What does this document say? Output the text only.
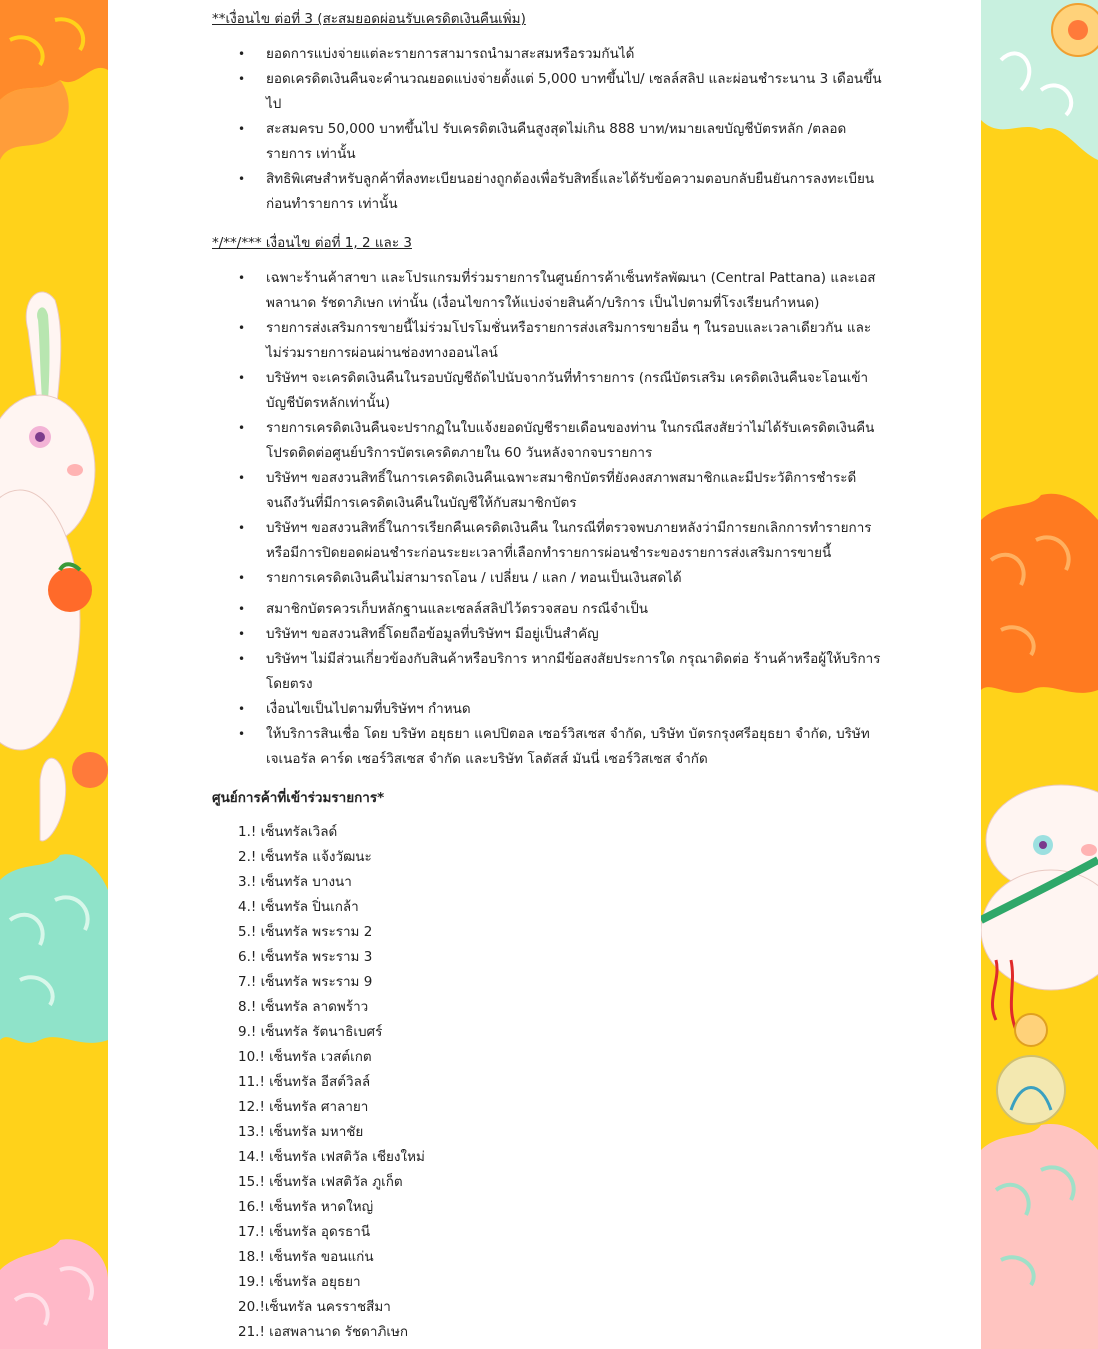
**เงื่อนไข ต่อที่ 3 (สะสมยอดผ่อนรับเครดิตเงินคืนเพิ่ม)
• ยอดการแบ่งจ่ายแต่ละรายการสามารถนำมาสะสมหรือรวมกันได้
• ยอดเครดิตเงินคืนจะคำนวณยอดแบ่งจ่ายตั้งแต่ 5,000 บาทขึ้นไป/ เซลล์สลิป และผ่อนชำระนาน 3 เดือนขึ้นไป
• สะสมครบ 50,000 บาทขึ้นไป รับเครดิตเงินคืนสูงสุดไม่เกิน 888 บาท/หมายเลขบัญชีบัตรหลัก /ตลอดรายการ เท่านั้น
• สิทธิพิเศษสำหรับลูกค้าที่ลงทะเบียนอย่างถูกต้องเพื่อรับสิทธิ์และได้รับข้อความตอบกลับยืนยันการลงทะเบียนก่อนทำรายการ เท่านั้น
*/**/*** เงื่อนไข ต่อที่ 1, 2 และ 3
• เฉพาะร้านค้าสาขา และโปรแกรมที่ร่วมรายการในศูนย์การค้าเซ็นทรัลพัฒนา (Central Pattana) และเอสพลานาด รัชดาภิเษก เท่านั้น (เงื่อนไขการให้แบ่งจ่ายสินค้า/บริการ เป็นไปตามที่โรงเรียนกำหนด)
• รายการส่งเสริมการขายนี้ไม่ร่วมโปรโมชั่นหรือรายการส่งเสริมการขายอื่น ๆ ในรอบและเวลาเดียวกัน และไม่ร่วมรายการผ่อนผ่านช่องทางออนไลน์
• บริษัทฯ จะเครดิตเงินคืนในรอบบัญชีถัดไปนับจากวันที่ทำรายการ (กรณีบัตรเสริม เครดิตเงินคืนจะโอนเข้าบัญชีบัตรหลักเท่านั้น)
• รายการเครดิตเงินคืนจะปรากฏในใบแจ้งยอดบัญชีรายเดือนของท่าน ในกรณีสงสัยว่าไม่ได้รับเครดิตเงินคืน โปรดติดต่อศูนย์บริการบัตรเครดิตภายใน 60 วันหลังจากจบรายการ
• บริษัทฯ ขอสงวนสิทธิ์ในการเครดิตเงินคืนเฉพาะสมาชิกบัตรที่ยังคงสภาพสมาชิกและมีประวัติการชำระดีจนถึงวันที่มีการเครดิตเงินคืนในบัญชีให้กับสมาชิกบัตร
• บริษัทฯ ขอสงวนสิทธิ์ในการเรียกคืนเครดิตเงินคืน ในกรณีที่ตรวจพบภายหลังว่ามีการยกเลิกการทำรายการหรือมีการปิดยอดผ่อนชำระก่อนระยะเวลาที่เลือกทำรายการผ่อนชำระของรายการส่งเสริมการขายนี้
• รายการเครดิตเงินคืนไม่สามารถโอน / เปลี่ยน / แลก / ทอนเป็นเงินสดได้
• สมาชิกบัตรควรเก็บหลักฐานและเซลล์สลิปไว้ตรวจสอบ กรณีจำเป็น
• บริษัทฯ ขอสงวนสิทธิ์โดยถือข้อมูลที่บริษัทฯ มีอยู่เป็นสำคัญ
• บริษัทฯ ไม่มีส่วนเกี่ยวข้องกับสินค้าหรือบริการ หากมีข้อสงสัยประการใด กรุณาติดต่อ ร้านค้าหรือผู้ให้บริการโดยตรง
• เงื่อนไขเป็นไปตามที่บริษัทฯ กำหนด
• ให้บริการสินเชื่อ โดย บริษัท อยุธยา แคปปิตอล เซอร์วิสเซส จำกัด, บริษัท บัตรกรุงศรีอยุธยา จำกัด, บริษัท เจเนอรัล คาร์ด เซอร์วิสเซส จำกัด และบริษัท โลตัสส์ มันนี่ เซอร์วิสเซส จำกัด
ศูนย์การค้าที่เข้าร่วมรายการ*
1.! เซ็นทรัลเวิลด์
2.! เซ็นทรัล แจ้งวัฒนะ
3.! เซ็นทรัล บางนา
4.! เซ็นทรัล ปิ่นเกล้า
5.! เซ็นทรัล พระราม 2
6.! เซ็นทรัล พระราม 3
7.! เซ็นทรัล พระราม 9
8.! เซ็นทรัล ลาดพร้าว
9.! เซ็นทรัล รัตนาธิเบศร์
10.! เซ็นทรัล เวสต์เกต
11.! เซ็นทรัล อีสต์วิลล์
12.! เซ็นทรัล ศาลายา
13.! เซ็นทรัล มหาชัย
14.! เซ็นทรัล เฟสติวัล เชียงใหม่
15.! เซ็นทรัล เฟสติวัล ภูเก็ต
16.! เซ็นทรัล หาดใหญ่
17.! เซ็นทรัล อุดรธานี
18.! เซ็นทรัล ขอนแก่น
19.! เซ็นทรัล อยุธยา
20.!เซ็นทรัล นครราชสีมา
21.! เอสพลานาด รัชดาภิเษก
